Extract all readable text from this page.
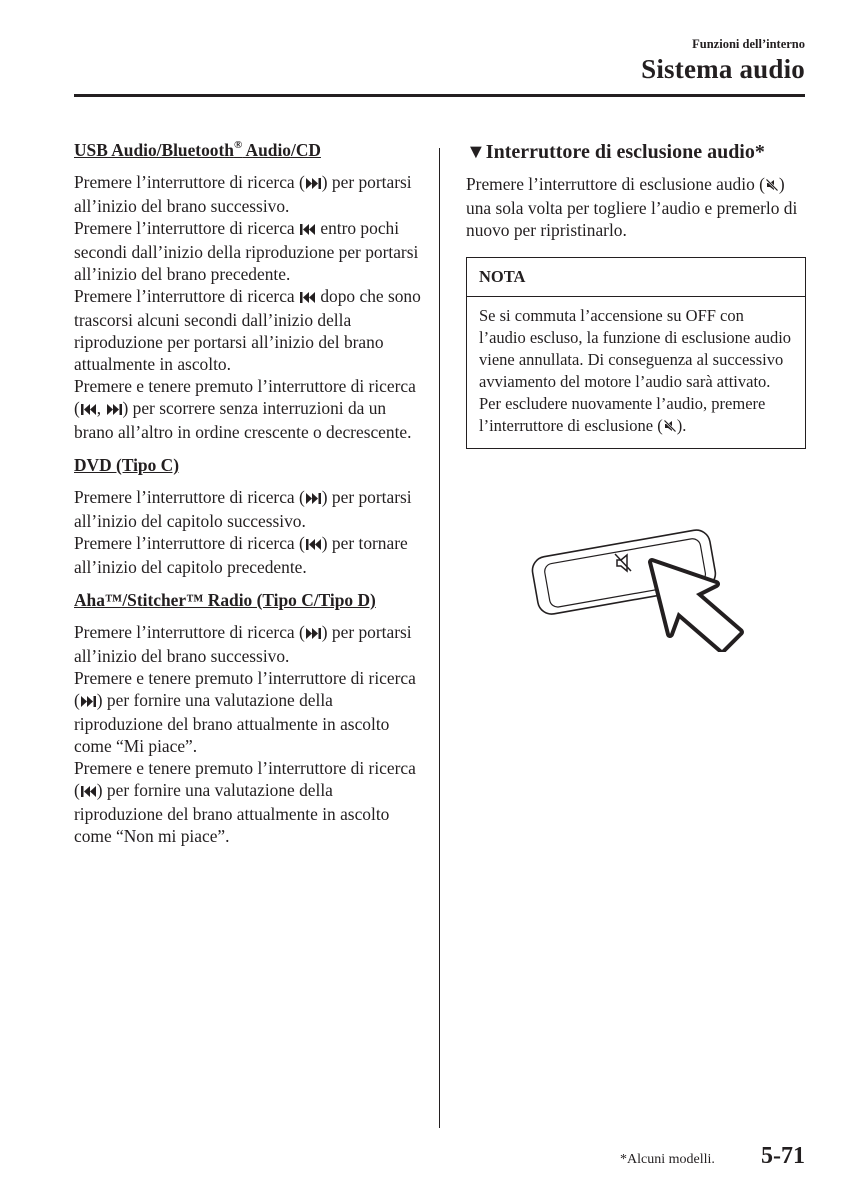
Funzioni dell’interno
Sistema audio
USB Audio/Bluetooth® Audio/CD

Premere l’interruttore di ricerca ( ) per portarsi all’inizio del brano successivo.

Premere l’interruttore di ricerca  entro pochi secondi dall’inizio della riproduzione per portarsi all’inizio del brano precedente.

Premere l’interruttore di ricerca  dopo che sono trascorsi alcuni secondi dall’inizio della riproduzione per portarsi all’inizio del brano attualmente in ascolto.

Premere e tenere premuto l’interruttore di ricerca ( , ) per scorrere senza interruzioni da un brano all’altro in ordine crescente o decrescente.

DVD (Tipo C)

Premere l’interruttore di ricerca ( ) per portarsi all’inizio del capitolo successivo.

Premere l’interruttore di ricerca ( ) per tornare all’inizio del capitolo precedente.

Aha™/Stitcher™ Radio (Tipo C/Tipo D)

Premere l’interruttore di ricerca ( ) per portarsi all’inizio del brano successivo.

Premere e tenere premuto l’interruttore di ricerca ( ) per fornire una valutazione della riproduzione del brano attualmente in ascolto come “Mi piace”.

Premere e tenere premuto l’interruttore di ricerca ( ) per fornire una valutazione della riproduzione del brano attualmente in ascolto come “Non mi piace”.

▼Interruttore di esclusione audio*

Premere l’interruttore di esclusione audio ( ) una sola volta per togliere l’audio e premerlo di nuovo per ripristinarlo.

NOTA
Se si commuta l’accensione su OFF con l’audio escluso, la funzione di esclusione audio viene annullata. Di conseguenza al successivo avviamento del motore l’audio sarà attivato. Per escludere nuovamente l’audio, premere l’interruttore di esclusione ( ).
*Alcuni modelli. 5-71
